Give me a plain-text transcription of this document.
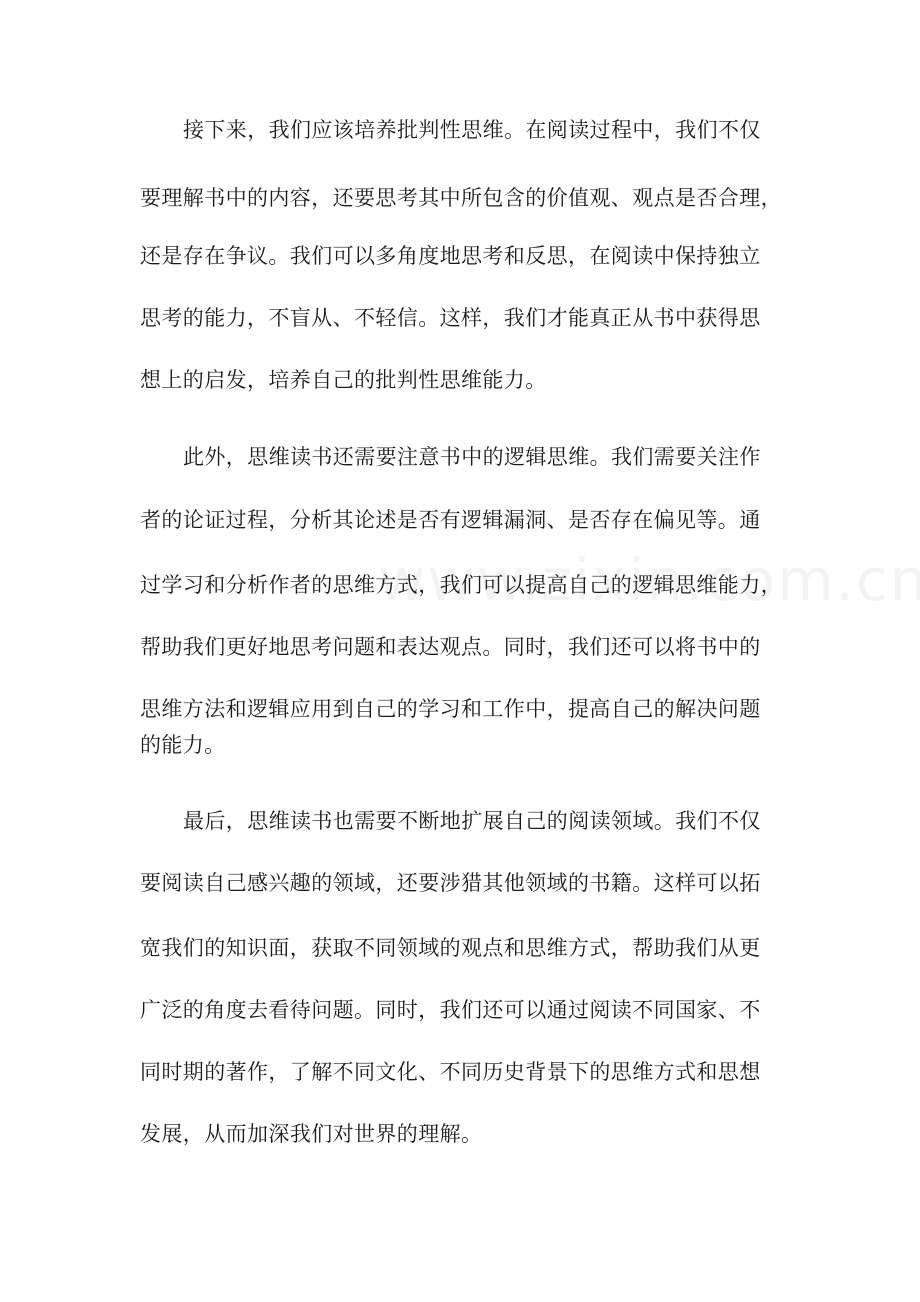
接下来，我们应该培养批判性思维。在阅读过程中，我们不仅
要理解书中的内容，还要思考其中所包含的价值观、观点是否合理，
还是存在争议。我们可以多角度地思考和反思，在阅读中保持独立
思考的能力，不盲从、不轻信。这样，我们才能真正从书中获得思
想上的启发，培养自己的批判性思维能力。
此外，思维读书还需要注意书中的逻辑思维。我们需要关注作
者的论证过程，分析其论述是否有逻辑漏洞、是否存在偏见等。通
过学习和分析作者的思维方式，我们可以提高自己的逻辑思维能力，
帮助我们更好地思考问题和表达观点。同时，我们还可以将书中的
思维方法和逻辑应用到自己的学习和工作中，提高自己的解决问题
的能力。
最后，思维读书也需要不断地扩展自己的阅读领域。我们不仅
要阅读自己感兴趣的领域，还要涉猎其他领域的书籍。这样可以拓
宽我们的知识面，获取不同领域的观点和思维方式，帮助我们从更
广泛的角度去看待问题。同时，我们还可以通过阅读不同国家、不
同时期的著作，了解不同文化、不同历史背景下的思维方式和思想
发展，从而加深我们对世界的理解。
